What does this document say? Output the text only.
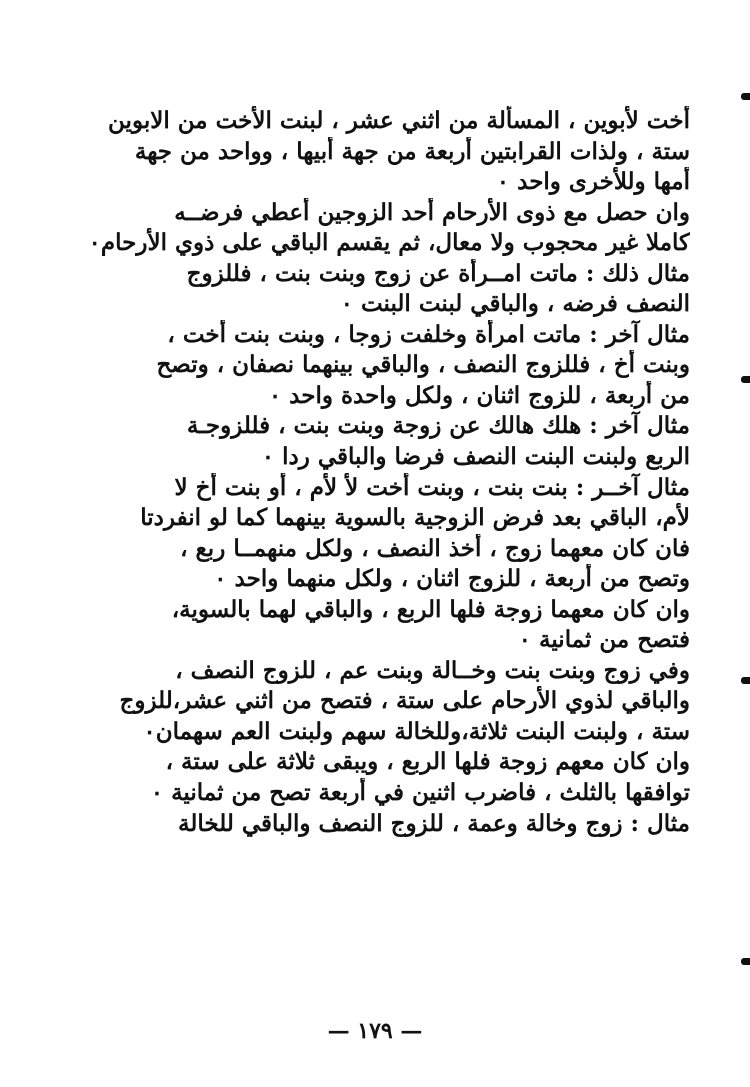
أخت لأبوين ، المسألة من اثني عشر ، لبنت الأخت من الابوين
ستة ، ولذات القرابتين أربعة من جهة أبيها ، وواحد من جهة
أمها وللأخرى واحد ٠
وان حصل مع ذوى الأرحام أحد الزوجين أعطي فرضــه
كاملا غير محجوب ولا معال، ثم يقسم الباقي على ذوي الأرحام٠
مثال ذلك : ماتت امــرأة عن زوج وبنت بنت ، فللزوج
النصف فرضه ، والباقي لبنت البنت ٠
مثال آخر : ماتت امرأة وخلفت زوجا ، وبنت بنت أخت ،
وبنت أخ ، فللزوج النصف ، والباقي بينهما نصفان ، وتصح
من أربعة ، للزوج اثنان ، ولكل واحدة واحد ٠
مثال آخر : هلك هالك عن زوجة وبنت بنت ، فللزوجـة
الربع ولبنت البنت النصف فرضا والباقي ردا ٠
مثال آخــر : بنت بنت ، وبنت أخت لأ لأم ، أو بنت أخ لا
لأم، الباقي بعد فرض الزوجية بالسوية بينهما كما لو انفردتا
فان كان معهما زوج ، أخذ النصف ، ولكل منهمــا ربع ،
وتصح من أربعة ، للزوج اثنان ، ولكل منهما واحد ٠
وان كان معهما زوجة فلها الربع ، والباقي لهما بالسوية،
فتصح من ثمانية ٠
وفي زوج وبنت بنت وخــالة وبنت عم ، للزوج النصف ،
والباقي لذوي الأرحام على ستة ، فتصح من اثني عشر،للزوج
ستة ، ولبنت البنت ثلاثة،وللخالة سهم ولبنت العم سهمان٠
وان كان معهم زوجة فلها الربع ، ويبقى ثلاثة على ستة ،
توافقها بالثلث ، فاضرب اثنين في أربعة تصح من ثمانية ٠
مثال : زوج وخالة وعمة ، للزوج النصف والباقي للخالة
— ١٧٩ —
